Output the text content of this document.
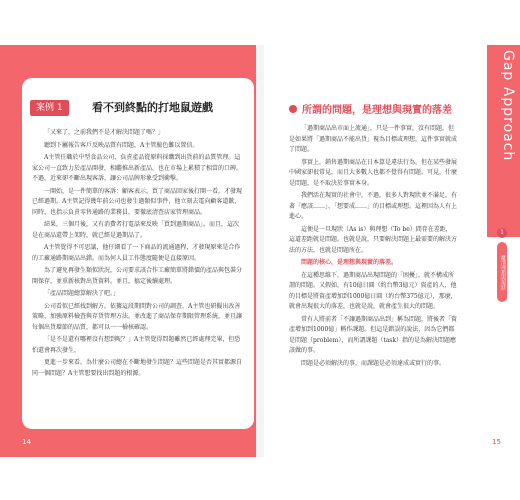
案例 1	看不到終點的打地鼠遊戲

「又來了，之前我們不是才解決問題了嗎？」

聽到下屬報告客戶反映品質有問題，A主管臉色難以置信。

A主管任職於中型食品公司，負責產品從原料採購到出貨前的品質管理。這家公司一直致力於產品開發，相繼推出新產品，也在市場上累積了相當的口碑。不過，近來卻不斷出現客訴，讓公司品牌形象受到衝擊。

一開始，是一件簡單的客訴：顧客表示，買了商品回家後打開一看，才發現已經過期。A主管記得幾年前公司也發生過類似事件，他立刻去電向顧客道歉，同時，也指示負責零售通路的業務員，要徹底清查店家管理商品。

結果，三個月後，又有消費者打電話來反映「買到過期商品」。而且，這次是在商品還帶上架時，就已經是過期品了。

A主管覺得不可思議，他仔細看了一下商品的流通過程，才發現原來是合作的工廠通路期商品出錯。而為何人員工作態度隨便是直接原因。

為了避免再發生類似狀況，公司要求該合作工廠簡單將錯價的產品與包裝分開保存，並重新核對出貨資料。並且，搞定後續處理。

「產品問題總算解決了吧。」

公司看似已經找到解方，依據這段期間對公司的調查，A主管也研擬出改善策略、加強原料檢查與存貨管理方法。並改進了商品保存期限管理系統，並且讓每個出貨環節的品質，都可以一一檢核確認。

「是不是還有哪裡沒有想到呢？」A主管覺得問題雖然已經處理完畢，但恐怕還會再次發生，

更進一步來看，為什麼公司總在不斷地發生問題？這些問題是否其實都源自同一個問題？A主管想要找出問題的根源。

14
所謂的問題，是理想與現實的落差

「過期商品出市面上流通」，只是一件事實，沒有問題。但是如果將「過期商品不能出貨」視為目標或理想，這件事實就成了問題。

事實上，銷售過期商品在日本算是違法行為。但在某些發展中國家卻很常見，而且大多數人也都不覺得有問題。可見，什麼是問題，是不取決於事實本身。

我們活在現實的社會中，不過，很多人對現狀並不滿足，有著「應該……」、「想要成……」的目標或理想。這裡因為人有上進心。

這便是一旦現狀（As is）與理想（To be）間存在差距，這道差距就是問題。也就是說，只要解決問題上最需要的解決方法的方法，也就是問題所在。

問題的核心，是理想與現實的落差。

在這種思維下，過期商品出現問題的「困擾」，就不構成所謂的問題。又假如，有10億日圓（約台幣3億元）資產的人，他的目標是將資產增加到1000億日圓（約台幣375億元），那麼，就會出現很大的落差，也就是說，就會產生很大的問題。

常有人將前者「不讓過期商品出到」稱為問題，將後者「資產增加到1000億」稱作課題。但這是錯誤的說法，因為它們都是問題（problem），而所謂課題（task）指的是為解決問題應該做的事。

問題是必須解決的事，而課題是必須達成或實行的事。

Gap Approach
1
釐清理想與現狀
15
